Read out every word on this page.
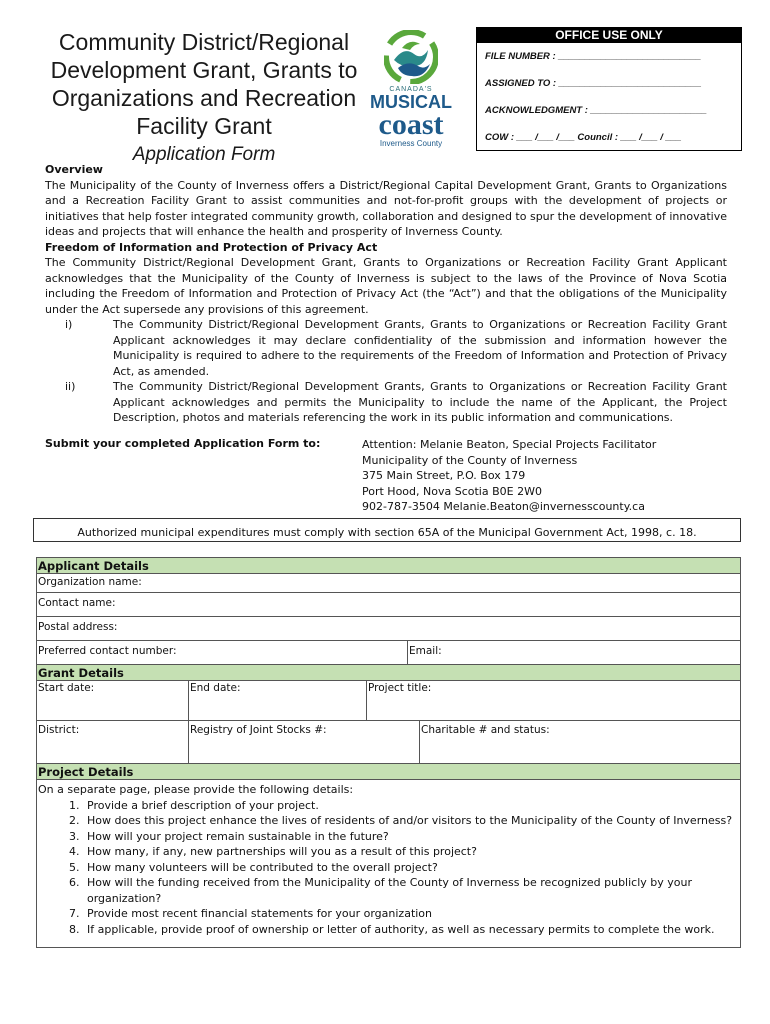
Community District/Regional
Development Grant, Grants to
Organizations and Recreation
Facility Grant
Application Form
CANADA'S
MUSICAL
coast
Inverness County
OFFICE USE ONLY
FILE NUMBER : ___________________________
ASSIGNED TO : ___________________________
ACKNOWLEDGMENT : ______________________
COW : ___ /___ /___ Council : ___ /___ / ___
Overview
The Municipality of the County of Inverness offers a District/Regional Capital Development Grant, Grants to Organizations and a Recreation Facility Grant to assist communities and not-for-profit groups with the development of projects or initiatives that help foster integrated community growth, collaboration and designed to spur the development of innovative ideas and projects that will enhance the health and prosperity of Inverness County.
Freedom of Information and Protection of Privacy Act
The Community District/Regional Development Grant, Grants to Organizations or Recreation Facility Grant Applicant acknowledges that the Municipality of the County of Inverness is subject to the laws of the Province of Nova Scotia including the Freedom of Information and Protection of Privacy Act (the “Act”) and that the obligations of the Municipality under the Act supersede any provisions of this agreement.
i)	The Community District/Regional Development Grants, Grants to Organizations or Recreation Facility Grant Applicant acknowledges it may declare confidentiality of the submission and information however the Municipality is required to adhere to the requirements of the Freedom of Information and Protection of Privacy Act, as amended.
ii)	The Community District/Regional Development Grants, Grants to Organizations or Recreation Facility Grant Applicant acknowledges and permits the Municipality to include the name of the Applicant, the Project Description, photos and materials referencing the work in its public information and communications.
Submit your completed Application Form to:	Attention: Melanie Beaton, Special Projects Facilitator
Municipality of the County of Inverness
375 Main Street, P.O. Box 179
Port Hood, Nova Scotia B0E 2W0
902-787-3504 Melanie.Beaton@invernesscounty.ca
Authorized municipal expenditures must comply with section 65A of the Municipal Government Act, 1998, c. 18.
Applicant Details
Organization name:
Contact name:
Postal address:
Preferred contact number:	Email:
Grant Details
Start date:	End date:	Project title:
District:	Registry of Joint Stocks #:	Charitable # and status:
Project Details
On a separate page, please provide the following details:
1. Provide a brief description of your project.
2. How does this project enhance the lives of residents of and/or visitors to the Municipality of the County of Inverness?
3. How will your project remain sustainable in the future?
4. How many, if any, new partnerships will you as a result of this project?
5. How many volunteers will be contributed to the overall project?
6. How will the funding received from the Municipality of the County of Inverness be recognized publicly by your organization?
7. Provide most recent financial statements for your organization
8. If applicable, provide proof of ownership or letter of authority, as well as necessary permits to complete the work.
